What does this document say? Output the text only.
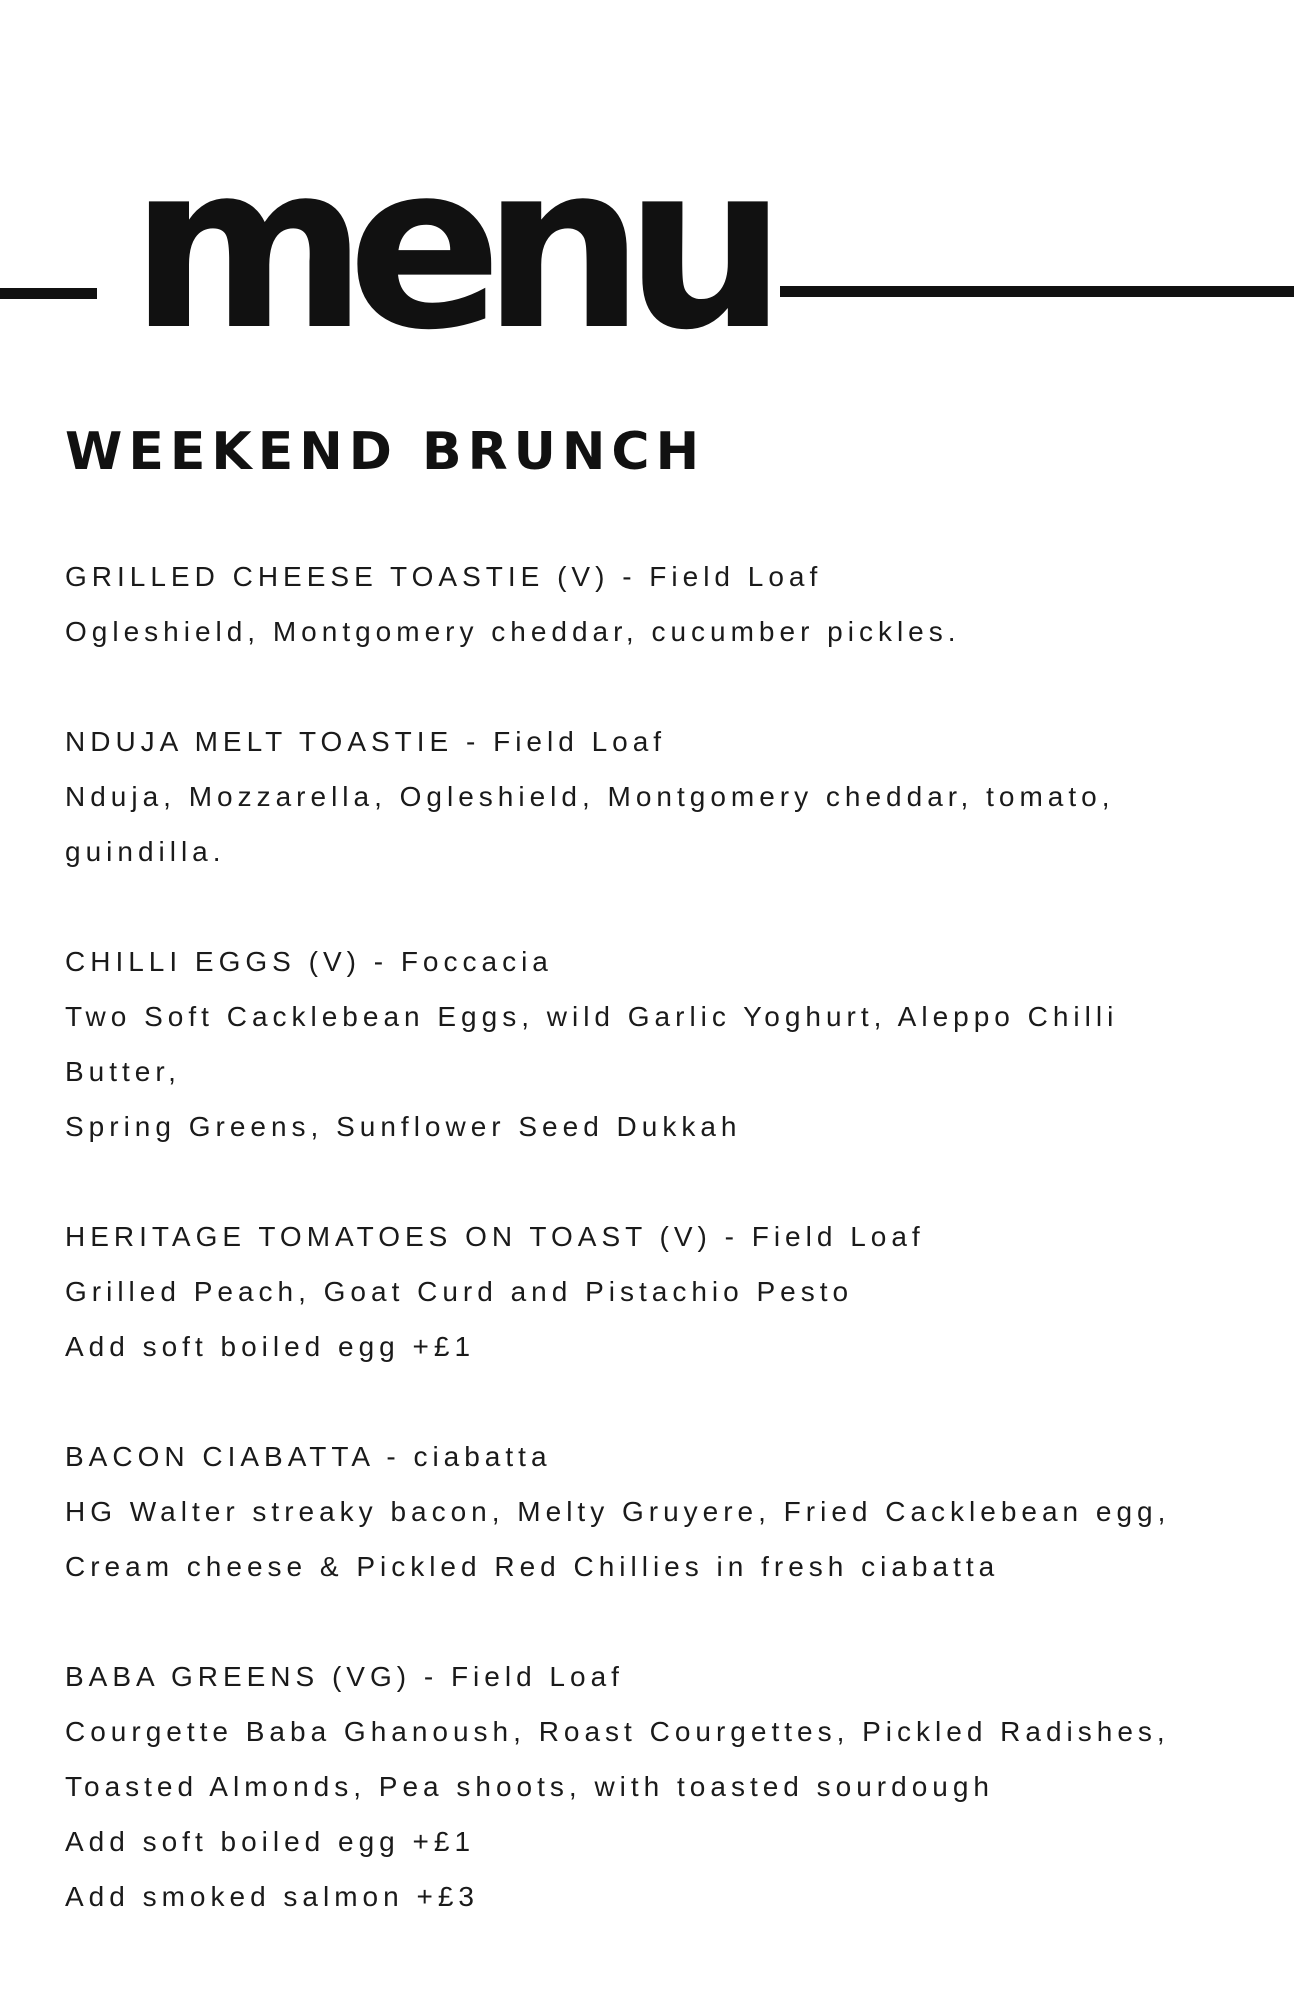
menu
WEEKEND BRUNCH
GRILLED CHEESE TOASTIE (V) - Field Loaf
Ogleshield, Montgomery cheddar, cucumber pickles.
NDUJA MELT TOASTIE - Field Loaf
Nduja, Mozzarella, Ogleshield, Montgomery cheddar, tomato,
guindilla.
CHILLI EGGS (V) - Foccacia
Two Soft Cacklebean Eggs, wild Garlic Yoghurt, Aleppo Chilli
Butter,
Spring Greens, Sunflower Seed Dukkah
HERITAGE TOMATOES ON TOAST (V) - Field Loaf
Grilled Peach, Goat Curd and Pistachio Pesto
Add soft boiled egg +£1
BACON CIABATTA - ciabatta
HG Walter streaky bacon, Melty Gruyere, Fried Cacklebean egg,
Cream cheese & Pickled Red Chillies in fresh ciabatta
BABA GREENS (VG) - Field Loaf
Courgette Baba Ghanoush, Roast Courgettes, Pickled Radishes,
Toasted Almonds, Pea shoots, with toasted sourdough
Add soft boiled egg +£1
Add smoked salmon +£3
